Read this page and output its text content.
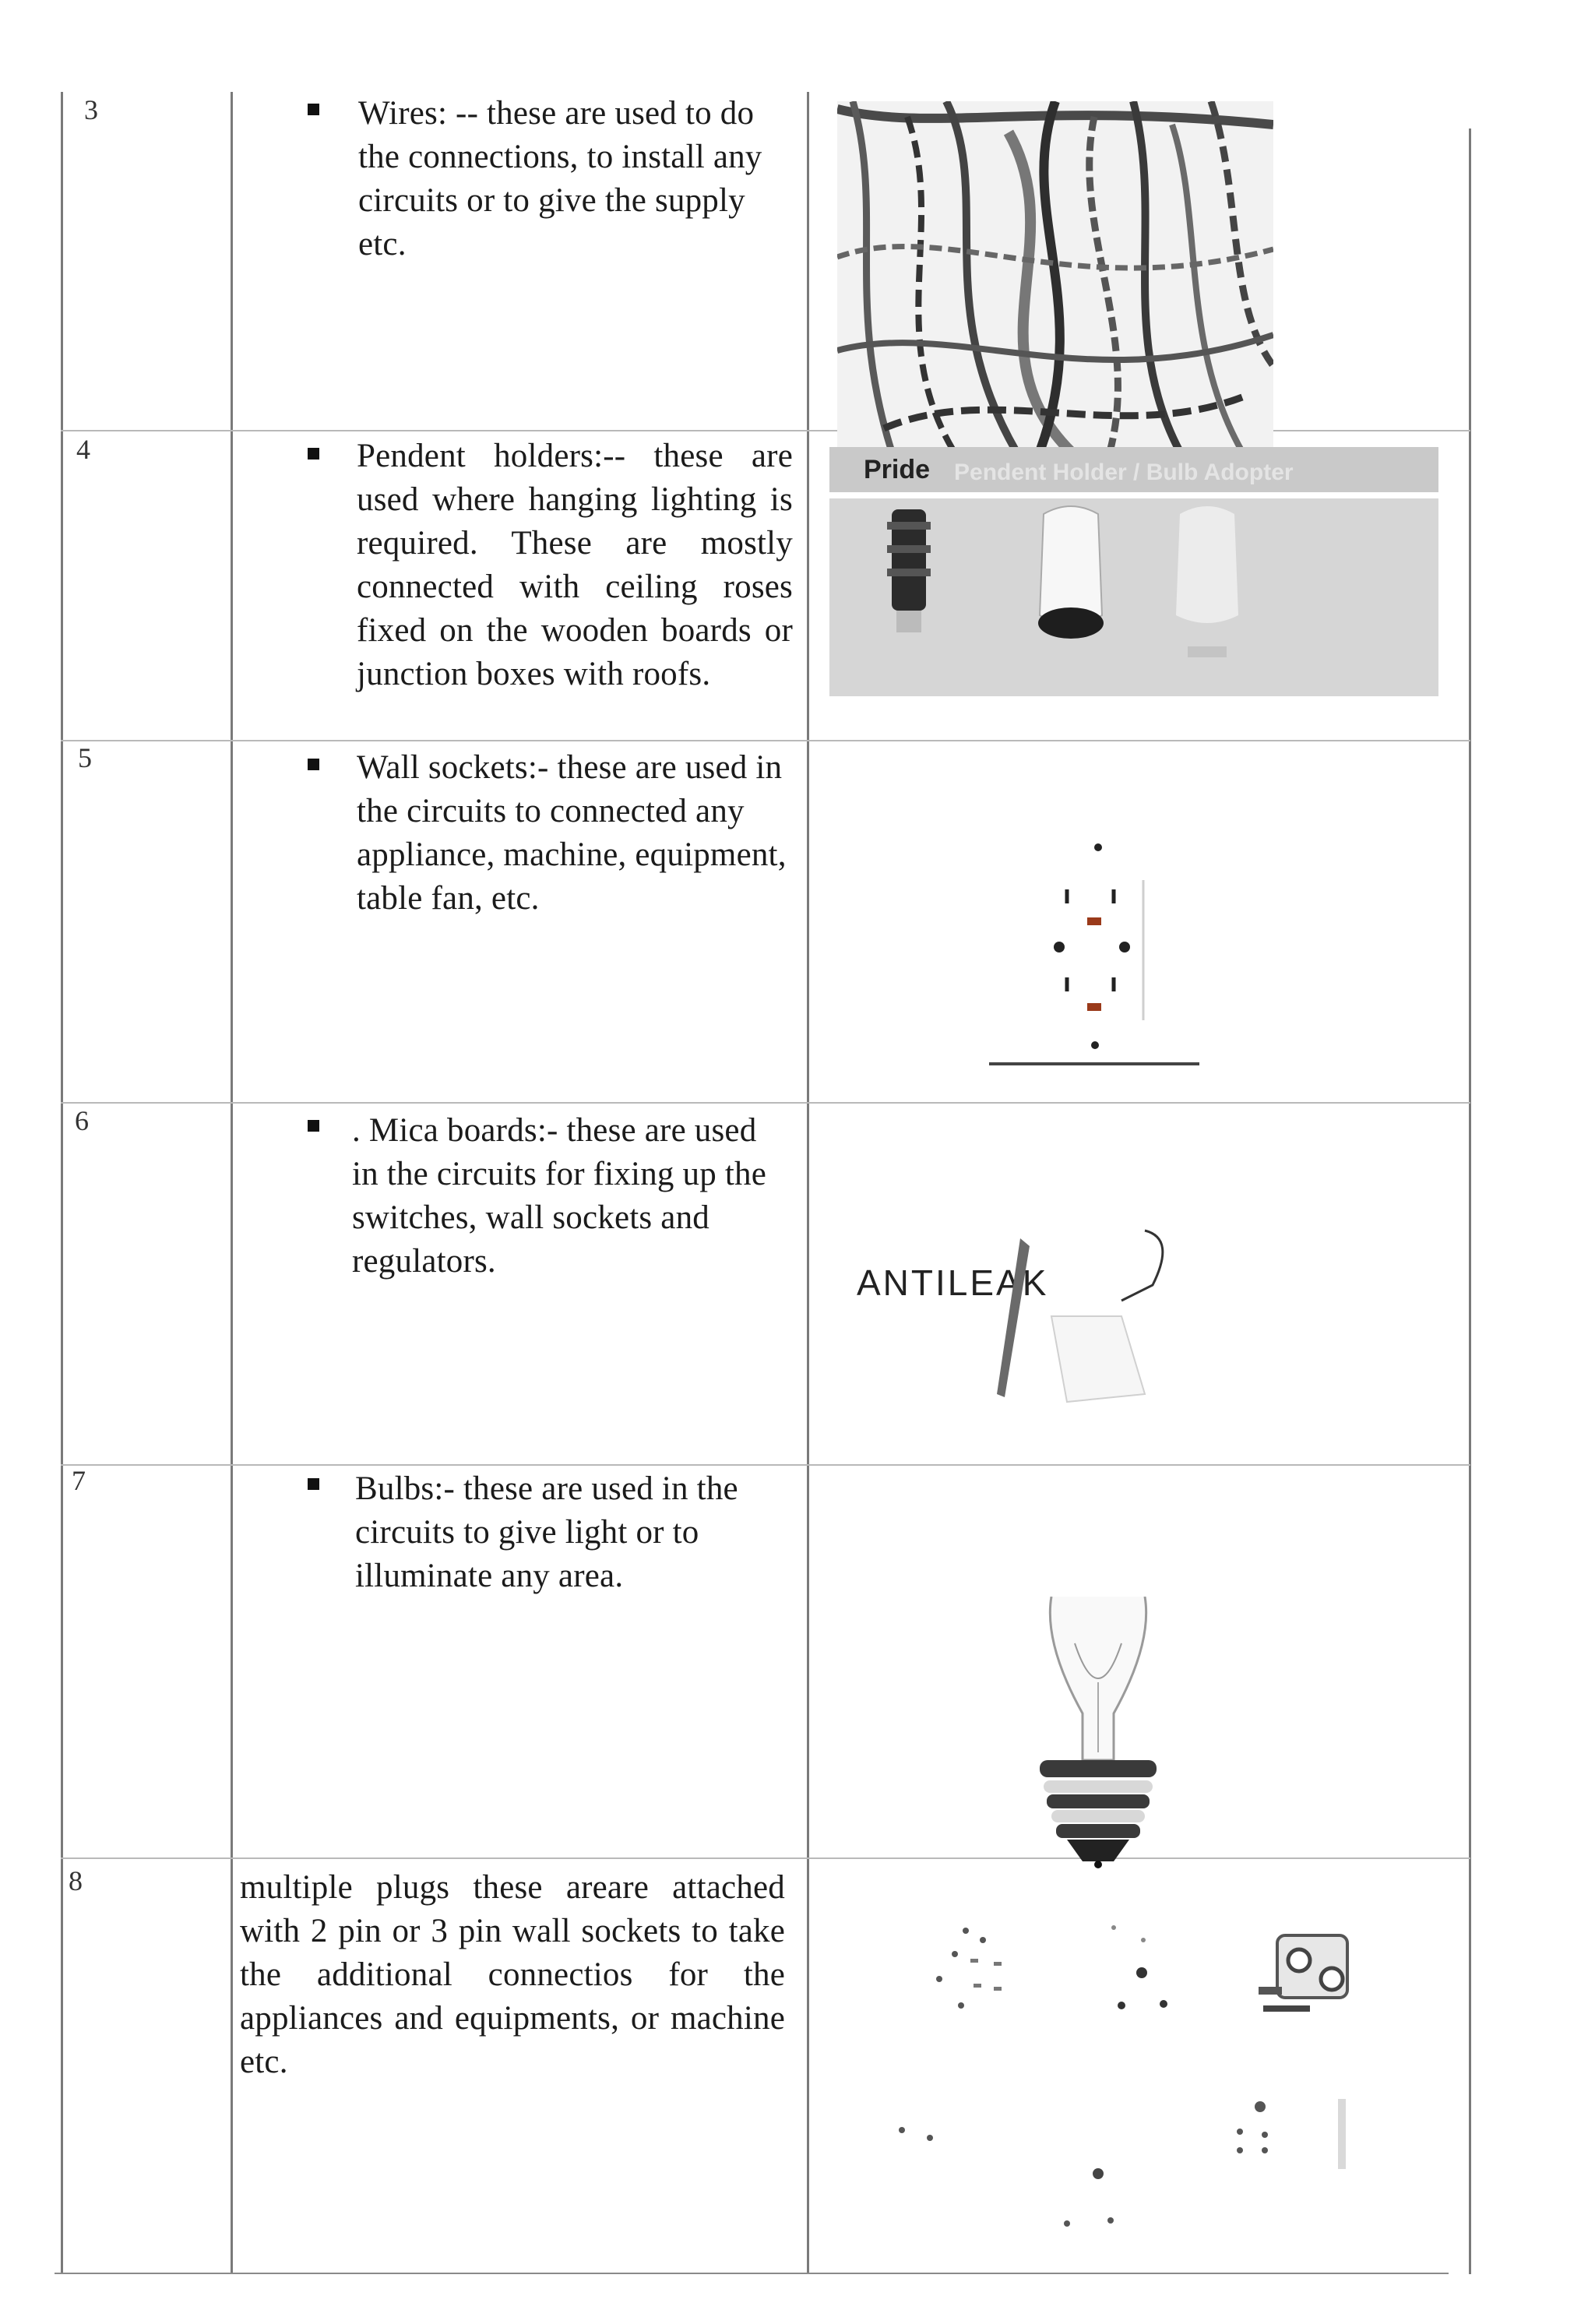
3	Wires: -- these are used to do the connections, to install any circuits or to give the supply etc.
4	Pendent holders:-- these are used where hanging lighting is required. These are mostly connected with ceiling roses fixed on the wooden boards or junction boxes with roofs.
Pride Pendent Holder / Bulb Adopter
5	Wall sockets:- these are used in the circuits to connected any appliance, machine, equipment, table fan, etc.
6	. Mica boards:- these are used in the circuits for fixing up the switches, wall sockets and regulators.
ANTILEAK
7	Bulbs:- these are used in the circuits to give light or to illuminate any area.
8	multiple plugs these areare attached with 2 pin or 3 pin wall sockets to take the additional connectios for the appliances and equipments, or machine etc.
